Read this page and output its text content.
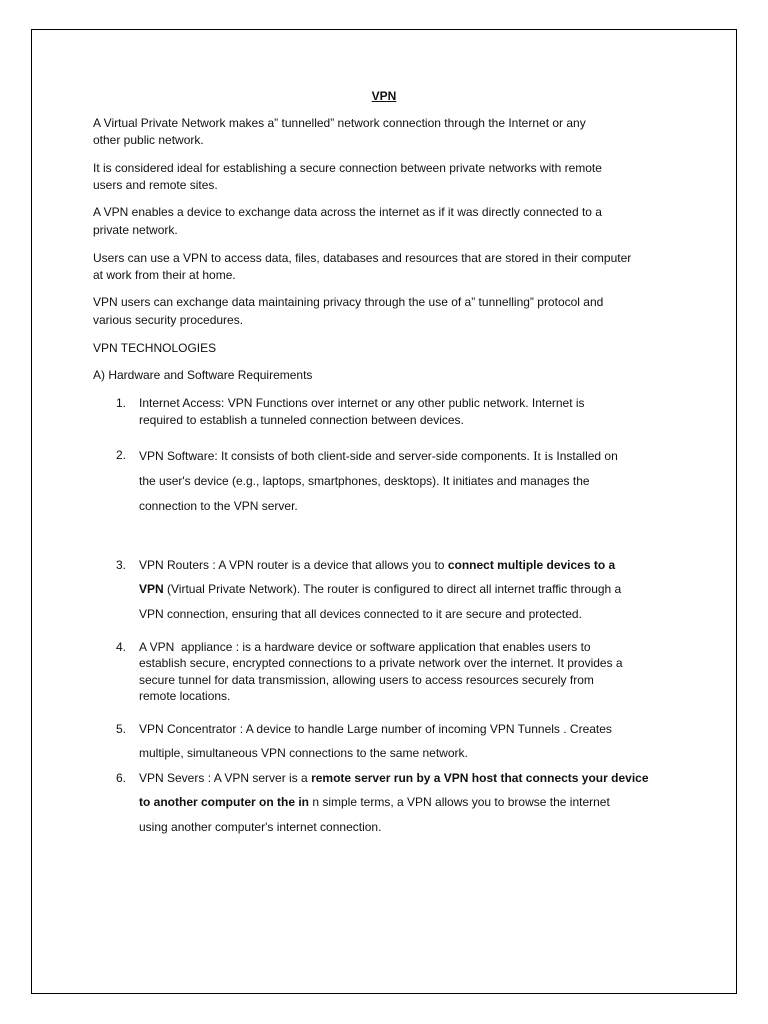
VPN
A Virtual Private Network makes a” tunnelled” network connection through the Internet or any
other public network.
It is considered ideal for establishing a secure connection between private networks with remote
users and remote sites.
A VPN enables a device to exchange data across the internet as if it was directly connected to a
private network.
Users can use a VPN to access data, files, databases and resources that are stored in their computer
at work from their at home.
VPN users can exchange data maintaining privacy through the use of a” tunnelling” protocol and
various security procedures.
VPN TECHNOLOGIES
A) Hardware and Software Requirements
1. Internet Access: VPN Functions over internet or any other public network. Internet is
required to establish a tunneled connection between devices.
2. VPN Software: It consists of both client-side and server-side components. It is Installed on
the user's device (e.g., laptops, smartphones, desktops). It initiates and manages the
connection to the VPN server.
3. VPN Routers : A VPN router is a device that allows you to connect multiple devices to a
VPN (Virtual Private Network). The router is configured to direct all internet traffic through a
VPN connection, ensuring that all devices connected to it are secure and protected.
4. A VPN  appliance : is a hardware device or software application that enables users to
establish secure, encrypted connections to a private network over the internet. It provides a
secure tunnel for data transmission, allowing users to access resources securely from
remote locations.
5. VPN Concentrator : A device to handle Large number of incoming VPN Tunnels . Creates
multiple, simultaneous VPN connections to the same network.
6. VPN Severs : A VPN server is a remote server run by a VPN host that connects your device
to another computer on the in n simple terms, a VPN allows you to browse the internet
using another computer's internet connection.
